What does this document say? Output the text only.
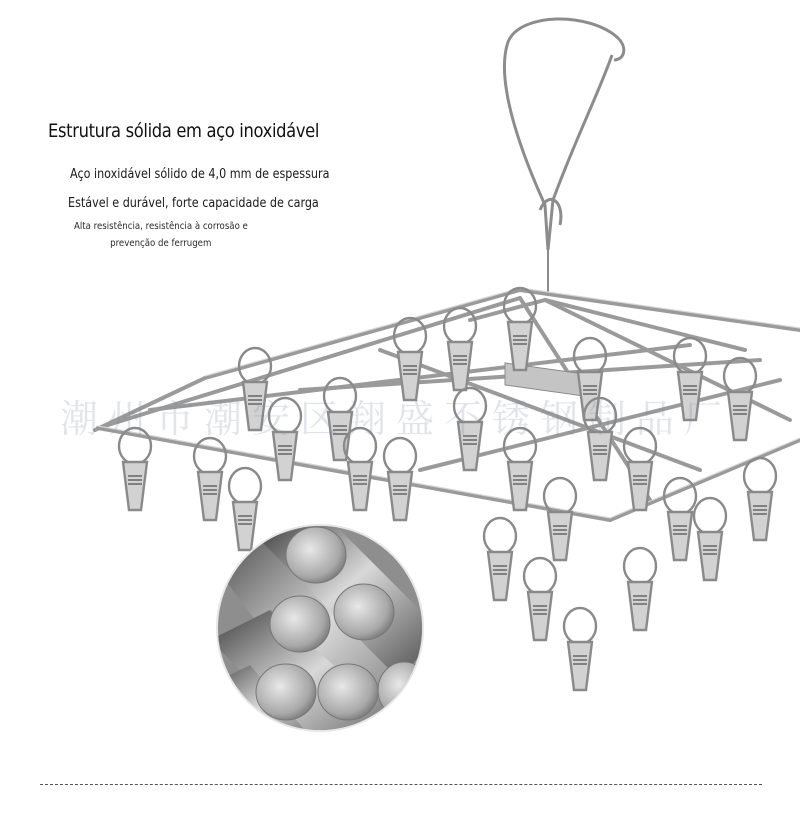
潮州市潮安区翔盛不锈钢制品厂
Estrutura sólida em aço inoxidável
Aço inoxidável sólido de 4,0 mm de espessura
Estável e durável, forte capacidade de carga
Alta resistência, resistência à corrosão e
prevenção de ferrugem
